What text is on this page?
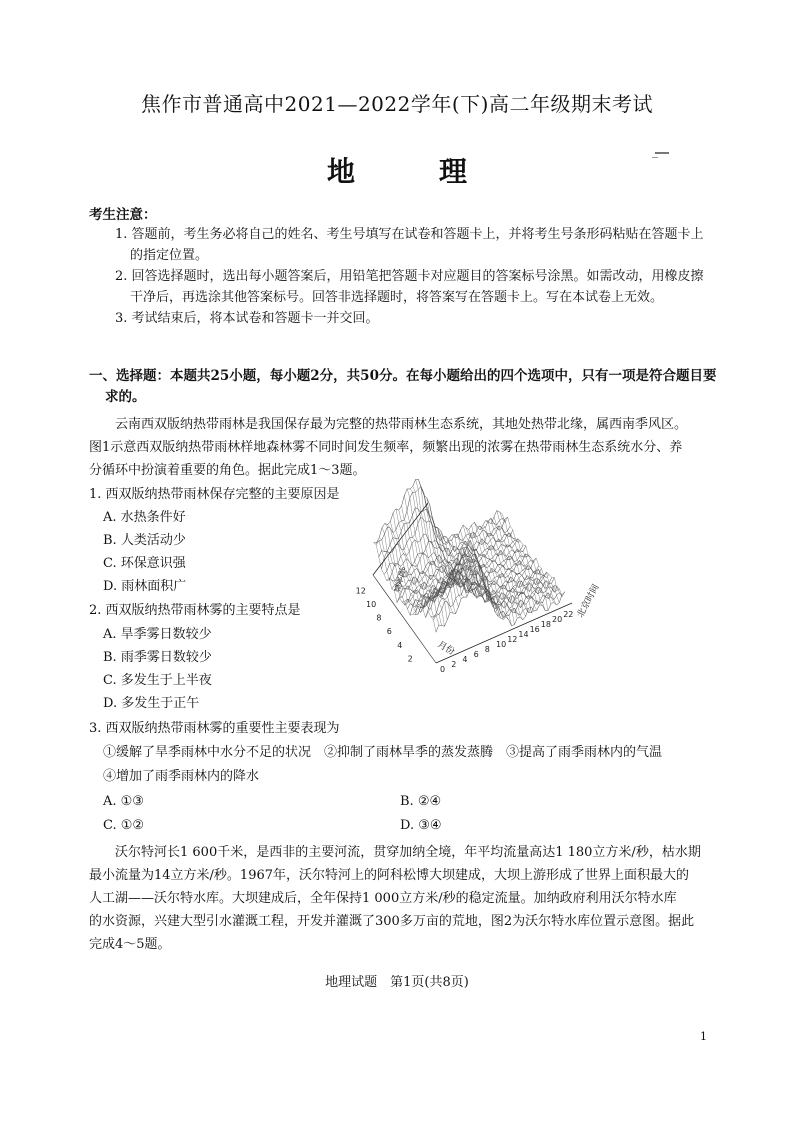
焦作市普通高中2021—2022学年(下)高二年级期末考试
地　理
考生注意：
1. 答题前，考生务必将自己的姓名、考生号填写在试卷和答题卡上，并将考生号条形码粘贴在答题卡上
的指定位置。
2. 回答选择题时，选出每小题答案后，用铅笔把答题卡对应题目的答案标号涂黑。如需改动，用橡皮擦
干净后，再选涂其他答案标号。回答非选择题时，将答案写在答题卡上。写在本试卷上无效。
3. 考试结束后，将本试卷和答题卡一并交回。
一、选择题：本题共25小题，每小题2分，共50分。在每小题给出的四个选项中，只有一项是符合题目要
求的。
云南西双版纳热带雨林是我国保存最为完整的热带雨林生态系统，其地处热带北缘，属西南季风区。
图1示意西双版纳热带雨林样地森林雾不同时间发生频率，频繁出现的浓雾在热带雨林生态系统水分、养
分循环中扮演着重要的角色。据此完成1～3题。
1. 西双版纳热带雨林保存完整的主要原因是
A. 水热条件好
B. 人类活动少
C. 环保意识强
D. 雨林面积广
2. 西双版纳热带雨林雾的主要特点是
A. 旱季雾日数较少
B. 雨季雾日数较少
C. 多发生于上半夜
D. 多发生于正午
3. 西双版纳热带雨林雾的重要性主要表现为
①缓解了旱季雨林中水分不足的状况　②抑制了雨林旱季的蒸发蒸腾　③提高了雨季雨林内的气温
④增加了雨季雨林内的降水
A. ①③	B. ②④
C. ①②	D. ③④
沃尔特河长1 600千米，是西非的主要河流，贯穿加纳全境，年平均流量高达1 180立方米/秒，枯水期
最小流量为14立方米/秒。1967年，沃尔特河上的阿科松博大坝建成，大坝上游形成了世界上面积最大的
人工湖——沃尔特水库。大坝建成后，全年保持1 000立方米/秒的稳定流量。加纳政府利用沃尔特水库
的水资源，兴建大型引水灌溉工程，开发并灌溉了300多万亩的荒地，图2为沃尔特水库位置示意图。据此
完成4～5题。
地理试题　第1页(共8页)
1
频率/%
月份
北京时间
12
10
8
6
4
2
0
2
4
6
8
10
12
14
16
18
20
22
